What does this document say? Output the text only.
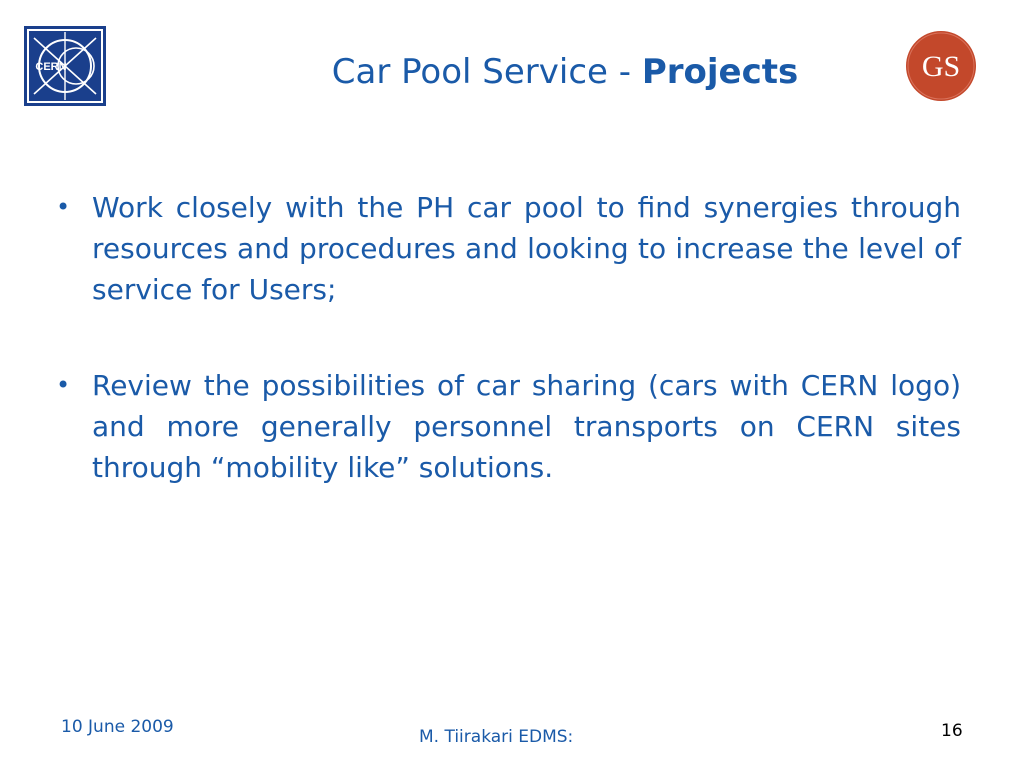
CERN	Car Pool Service - Projects	GS
• Work closely with the PH car pool to find synergies through resources and procedures and looking to increase the level of service for Users;
• Review the possibilities of car sharing (cars with CERN logo) and more generally personnel transports on CERN sites through “mobility like” solutions.
10 June 2009	M. Tiirakari EDMS:	16
